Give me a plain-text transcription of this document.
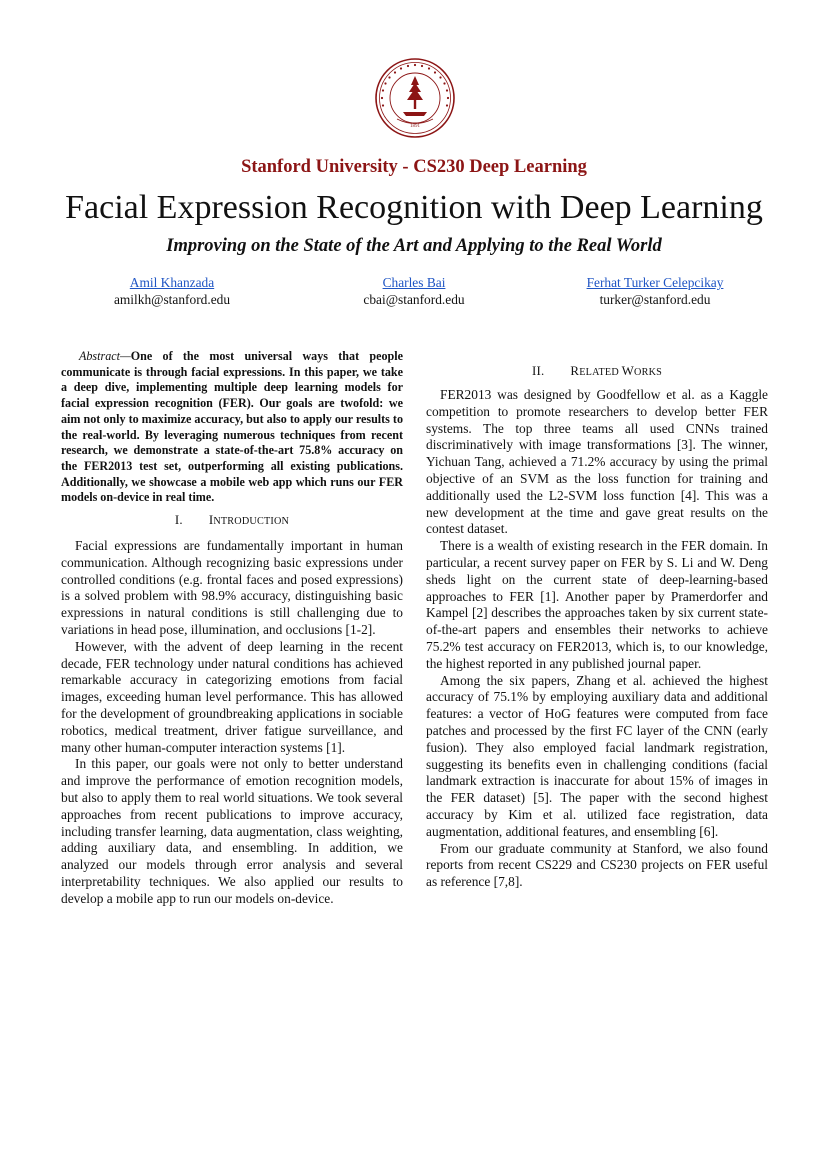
1891
Stanford University - CS230 Deep Learning
Facial Expression Recognition with Deep Learning
Improving on the State of the Art and Applying to the Real World
Amil Khanzada
amilkh@stanford.edu
Charles Bai
cbai@stanford.edu
Ferhat Turker Celepcikay
turker@stanford.edu

Abstract—One of the most universal ways that people communicate is through facial expressions. In this paper, we take a deep dive, implementing multiple deep learning models for facial expression recognition (FER). Our goals are twofold: we aim not only to maximize accuracy, but also to apply our results to the real-world. By leveraging numerous techniques from recent research, we demonstrate a state-of-the-art 75.8% accuracy on the FER2013 test set, outperforming all existing publications. Additionally, we showcase a mobile web app which runs our FER models on-device in real time.

I. INTRODUCTION

Facial expressions are fundamentally important in human communication. Although recognizing basic expressions under controlled conditions (e.g. frontal faces and posed expressions) is a solved problem with 98.9% accuracy, distinguishing basic expressions in natural conditions is still challenging due to variations in head pose, illumination, and occlusions [1-2].

However, with the advent of deep learning in the recent decade, FER technology under natural conditions has achieved remarkable accuracy in categorizing emotions from facial images, exceeding human level performance. This has allowed for the development of groundbreaking applications in sociable robotics, medical treatment, driver fatigue surveillance, and many other human-computer interaction systems [1].

In this paper, our goals were not only to better understand and improve the performance of emotion recognition models, but also to apply them to real world situations. We took several approaches from recent publications to improve accuracy, including transfer learning, data augmentation, class weighting, adding auxiliary data, and ensembling. In addition, we analyzed our models through error analysis and several interpretability techniques. We also applied our results to develop a mobile app to run our models on-device.

II. RELATED WORKS

FER2013 was designed by Goodfellow et al. as a Kaggle competition to promote researchers to develop better FER systems. The top three teams all used CNNs trained discriminatively with image transformations [3]. The winner, Yichuan Tang, achieved a 71.2% accuracy by using the primal objective of an SVM as the loss function for training and additionally used the L2-SVM loss function [4]. This was a new development at the time and gave great results on the contest dataset.

There is a wealth of existing research in the FER domain. In particular, a recent survey paper on FER by S. Li and W. Deng sheds light on the current state of deep-learning-based approaches to FER [1]. Another paper by Pramerdorfer and Kampel [2] describes the approaches taken by six current state-of-the-art papers and ensembles their networks to achieve 75.2% test accuracy on FER2013, which is, to our knowledge, the highest reported in any published journal paper.

Among the six papers, Zhang et al. achieved the highest accuracy of 75.1% by employing auxiliary data and additional features: a vector of HoG features were computed from face patches and processed by the first FC layer of the CNN (early fusion). They also employed facial landmark registration, suggesting its benefits even in challenging conditions (facial landmark extraction is inaccurate for about 15% of images in the FER dataset) [5]. The paper with the second highest accuracy by Kim et al. utilized face registration, data augmentation, additional features, and ensembling [6].

From our graduate community at Stanford, we also found reports from recent CS229 and CS230 projects on FER useful as reference [7,8].
